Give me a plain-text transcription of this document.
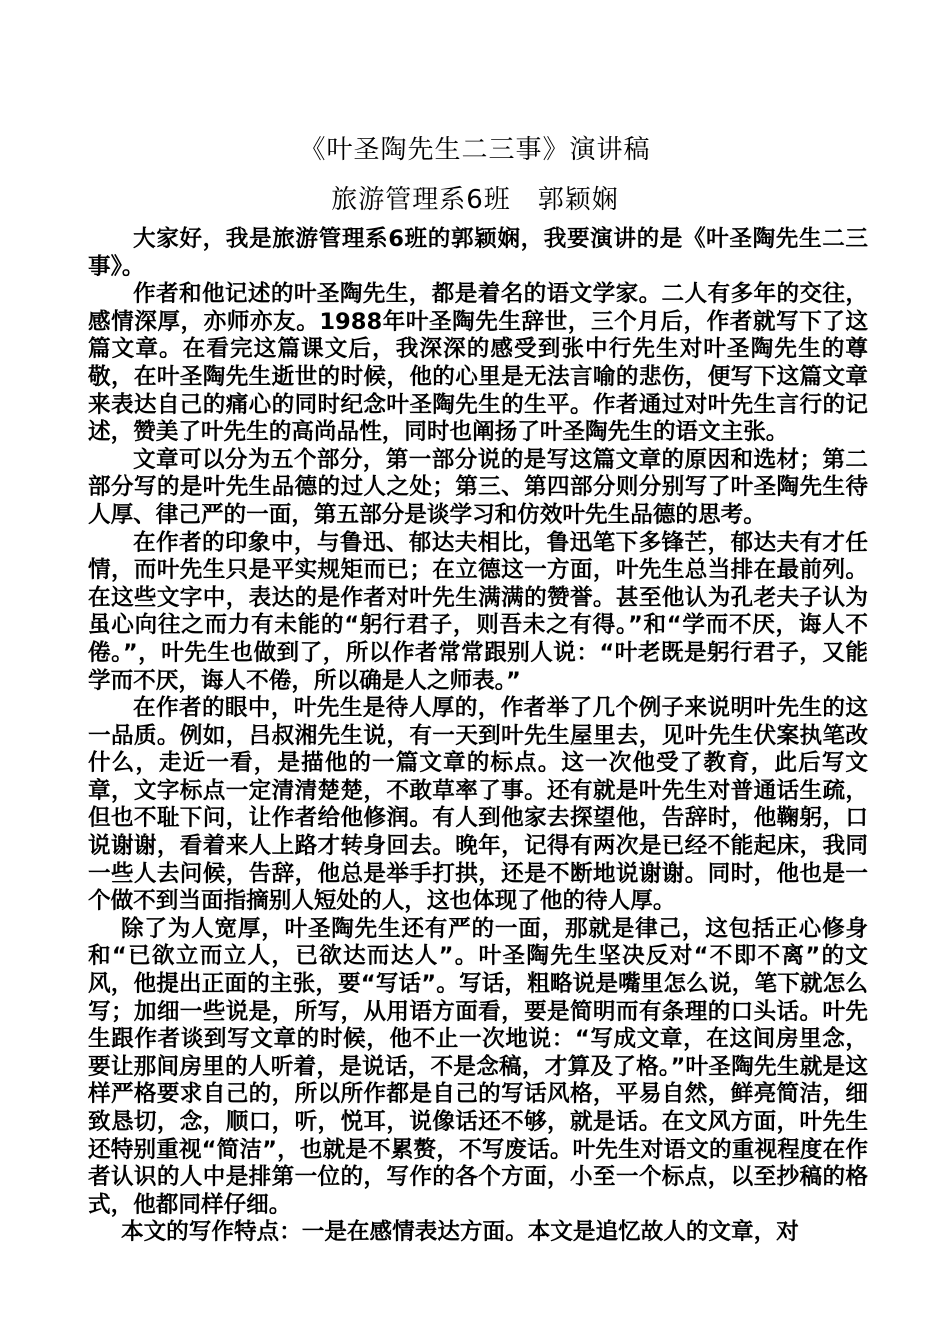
《叶圣陶先生二三事》演讲稿
旅游管理系6班　郭颖娴

大家好，我是旅游管理系6班的郭颖娴，我要演讲的是《叶圣陶先生二三事》。

作者和他记述的叶圣陶先生，都是着名的语文学家。二人有多年的交往，感情深厚，亦师亦友。1988年叶圣陶先生辞世，三个月后，作者就写下了这篇文章。在看完这篇课文后，我深深的感受到张中行先生对叶圣陶先生的尊敬，在叶圣陶先生逝世的时候，他的心里是无法言喻的悲伤，便写下这篇文章来表达自己的痛心的同时纪念叶圣陶先生的生平。作者通过对叶先生言行的记述，赞美了叶先生的高尚品性，同时也阐扬了叶圣陶先生的语文主张。

文章可以分为五个部分，第一部分说的是写这篇文章的原因和选材；第二部分写的是叶先生品德的过人之处；第三、第四部分则分别写了叶圣陶先生待人厚、律己严的一面，第五部分是谈学习和仿效叶先生品德的思考。

在作者的印象中，与鲁迅、郁达夫相比，鲁迅笔下多锋芒，郁达夫有才任情，而叶先生只是平实规矩而已；在立德这一方面，叶先生总当排在最前列。在这些文字中，表达的是作者对叶先生满满的赞誉。甚至他认为孔老夫子认为虽心向往之而力有未能的“躬行君子，则吾未之有得。”和“学而不厌，诲人不倦。”，叶先生也做到了，所以作者常常跟别人说：“叶老既是躬行君子，又能学而不厌，诲人不倦，所以确是人之师表。”

在作者的眼中，叶先生是待人厚的，作者举了几个例子来说明叶先生的这一品质。例如，吕叔湘先生说，有一天到叶先生屋里去，见叶先生伏案执笔改什么，走近一看，是描他的一篇文章的标点。这一次他受了教育，此后写文章，文字标点一定清清楚楚，不敢草率了事。还有就是叶先生对普通话生疏，但也不耻下问，让作者给他修润。有人到他家去探望他，告辞时，他鞠躬，口说谢谢，看着来人上路才转身回去。晚年，记得有两次是已经不能起床，我同一些人去问候，告辞，他总是举手打拱，还是不断地说谢谢。同时，他也是一个做不到当面指摘别人短处的人，这也体现了他的待人厚。

除了为人宽厚，叶圣陶先生还有严的一面，那就是律己，这包括正心修身和“已欲立而立人，已欲达而达人”。叶圣陶先生坚决反对“不即不离”的文风，他提出正面的主张，要“写话”。写话，粗略说是嘴里怎么说，笔下就怎么写；加细一些说是，所写，从用语方面看，要是简明而有条理的口头话。叶先生跟作者谈到写文章的时候，他不止一次地说：“写成文章，在这间房里念，要让那间房里的人听着，是说话，不是念稿，才算及了格。”叶圣陶先生就是这样严格要求自己的，所以所作都是自己的写话风格，平易自然，鲜亮简洁，细致恳切，念，顺口，听，悦耳，说像话还不够，就是话。在文风方面，叶先生还特别重视“简洁”，也就是不累赘，不写废话。叶先生对语文的重视程度在作者认识的人中是排第一位的，写作的各个方面，小至一个标点，以至抄稿的格式，他都同样仔细。

本文的写作特点：一是在感情表达方面。本文是追忆故人的文章，对
